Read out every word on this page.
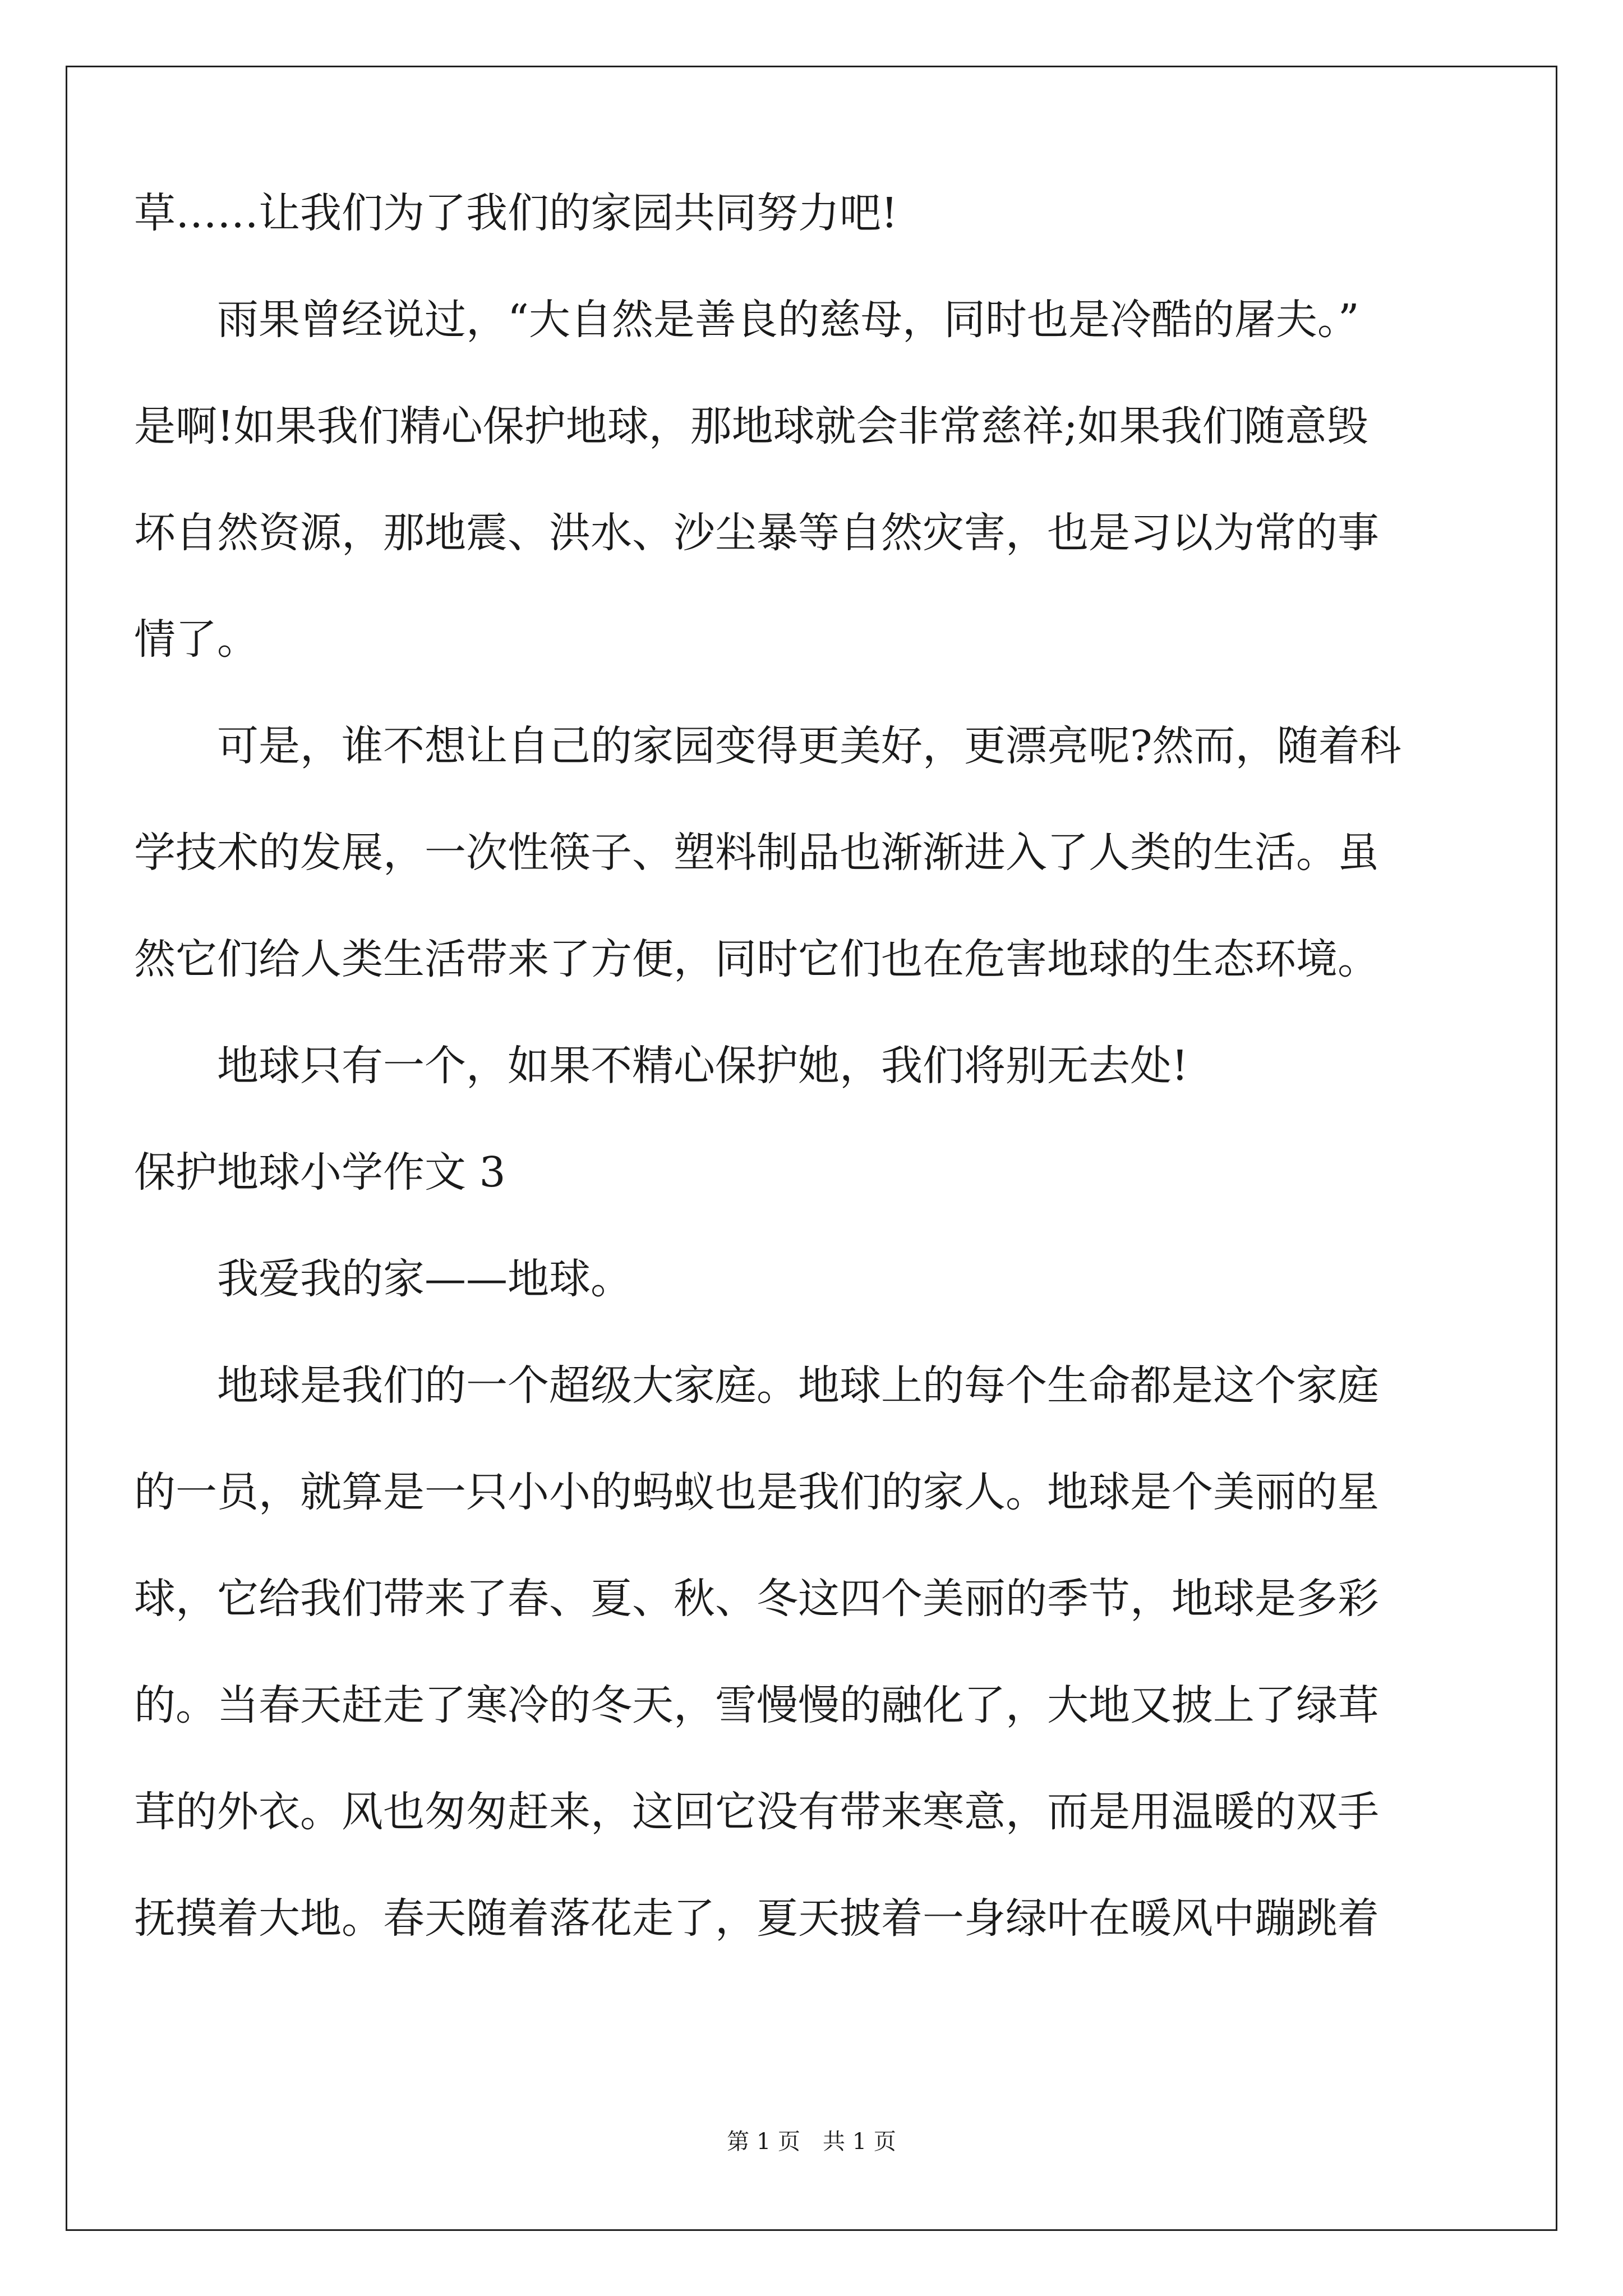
草……让我们为了我们的家园共同努力吧!
雨果曾经说过，“大自然是善良的慈母，同时也是冷酷的屠夫。”
是啊!如果我们精心保护地球，那地球就会非常慈祥;如果我们随意毁
坏自然资源，那地震、洪水、沙尘暴等自然灾害，也是习以为常的事
情了。
可是，谁不想让自己的家园变得更美好，更漂亮呢?然而，随着科
学技术的发展，一次性筷子、塑料制品也渐渐进入了人类的生活。虽
然它们给人类生活带来了方便，同时它们也在危害地球的生态环境。
地球只有一个，如果不精心保护她，我们将别无去处!
保护地球小学作文 3
我爱我的家——地球。
地球是我们的一个超级大家庭。地球上的每个生命都是这个家庭
的一员，就算是一只小小的蚂蚁也是我们的家人。地球是个美丽的星
球，它给我们带来了春、夏、秋、冬这四个美丽的季节，地球是多彩
的。当春天赶走了寒冷的冬天，雪慢慢的融化了，大地又披上了绿茸
茸的外衣。风也匆匆赶来，这回它没有带来寒意，而是用温暖的双手
抚摸着大地。春天随着落花走了，夏天披着一身绿叶在暖风中蹦跳着
第 1 页 共 1 页
